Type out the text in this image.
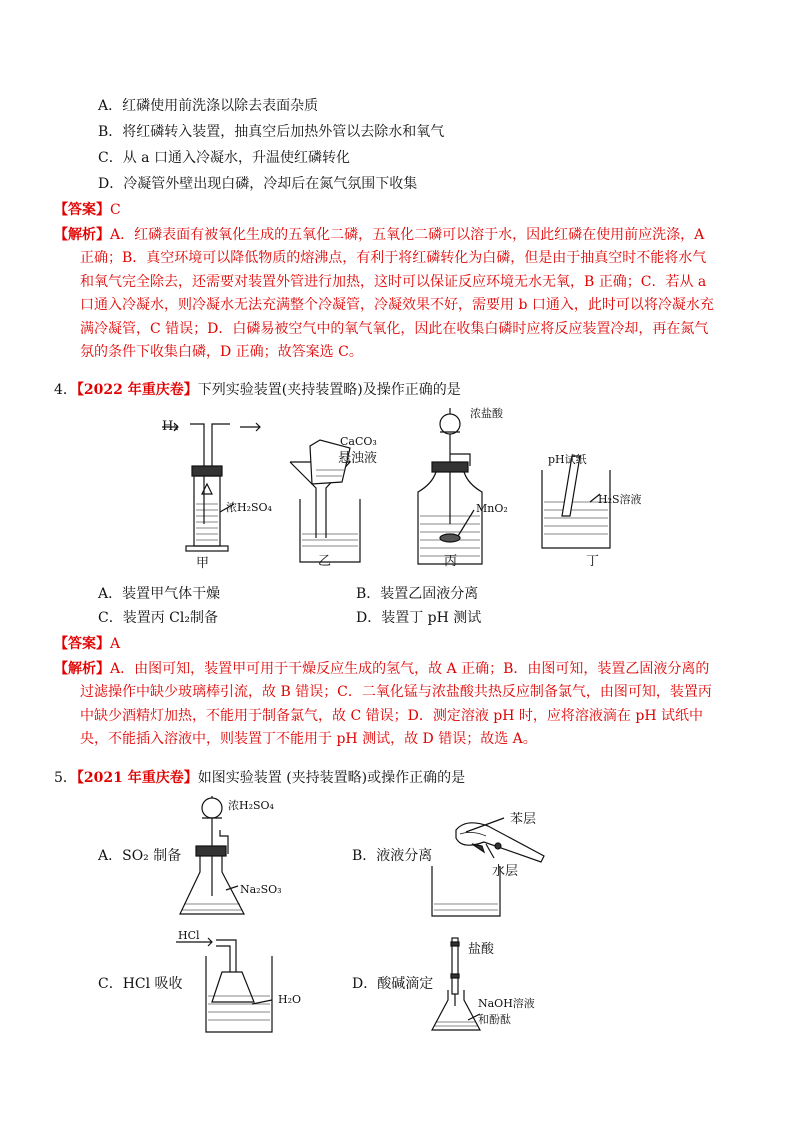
A．红磷使用前洗涤以除去表面杂质
B．将红磷转入装置，抽真空后加热外管以去除水和氧气
C．从 a 口通入冷凝水，升温使红磷转化
D．冷凝管外壁出现白磷，冷却后在氮气氛围下收集
【答案】C
【解析】A．红磷表面有被氧化生成的五氧化二磷，五氧化二磷可以溶于水，因此红磷在使用前应洗涤，A 正确；B．真空环境可以降低物质的熔沸点，有利于将红磷转化为白磷，但是由于抽真空时不能将水气和氧气完全除去，还需要对装置外管进行加热，这时可以保证反应环境无水无氧，B 正确；C．若从 a 口通入冷凝水，则冷凝水无法充满整个冷凝管，冷凝效果不好，需要用 b 口通入，此时可以将冷凝水充满冷凝管，C 错误；D．白磷易被空气中的氧气氧化，因此在收集白磷时应将反应装置冷却，再在氮气氛的条件下收集白磷，D 正确；故答案选 C。
4．【2022 年重庆卷】下列实验装置(夹持装置略)及操作正确的是
H₂
浓H₂SO₄
CaCO₃
悬浊液
浓盐酸
MnO₂
pH试纸
H₂S溶液
甲	乙	丙	丁
A．装置甲气体干燥	B．装置乙固液分离
C．装置丙 Cl₂制备	D．装置丁 pH 测试
【答案】A
【解析】A．由图可知，装置甲可用于干燥反应生成的氢气，故 A 正确；B．由图可知，装置乙固液分离的过滤操作中缺少玻璃棒引流，故 B 错误；C．二氧化锰与浓盐酸共热反应制备氯气，由图可知，装置丙中缺少酒精灯加热，不能用于制备氯气，故 C 错误；D．测定溶液 pH 时，应将溶液滴在 pH 试纸中央，不能插入溶液中，则装置丁不能用于 pH 测试，故 D 错误；故选 A。
5．【2021 年重庆卷】如图实验装置 (夹持装置略)或操作正确的是
浓H₂SO₄
Na₂SO₃
A．SO₂ 制备
苯层
水层
B．液液分离
HCl
H₂O
C．HCl 吸收
盐酸
NaOH溶液
和酚酞
D．酸碱滴定
